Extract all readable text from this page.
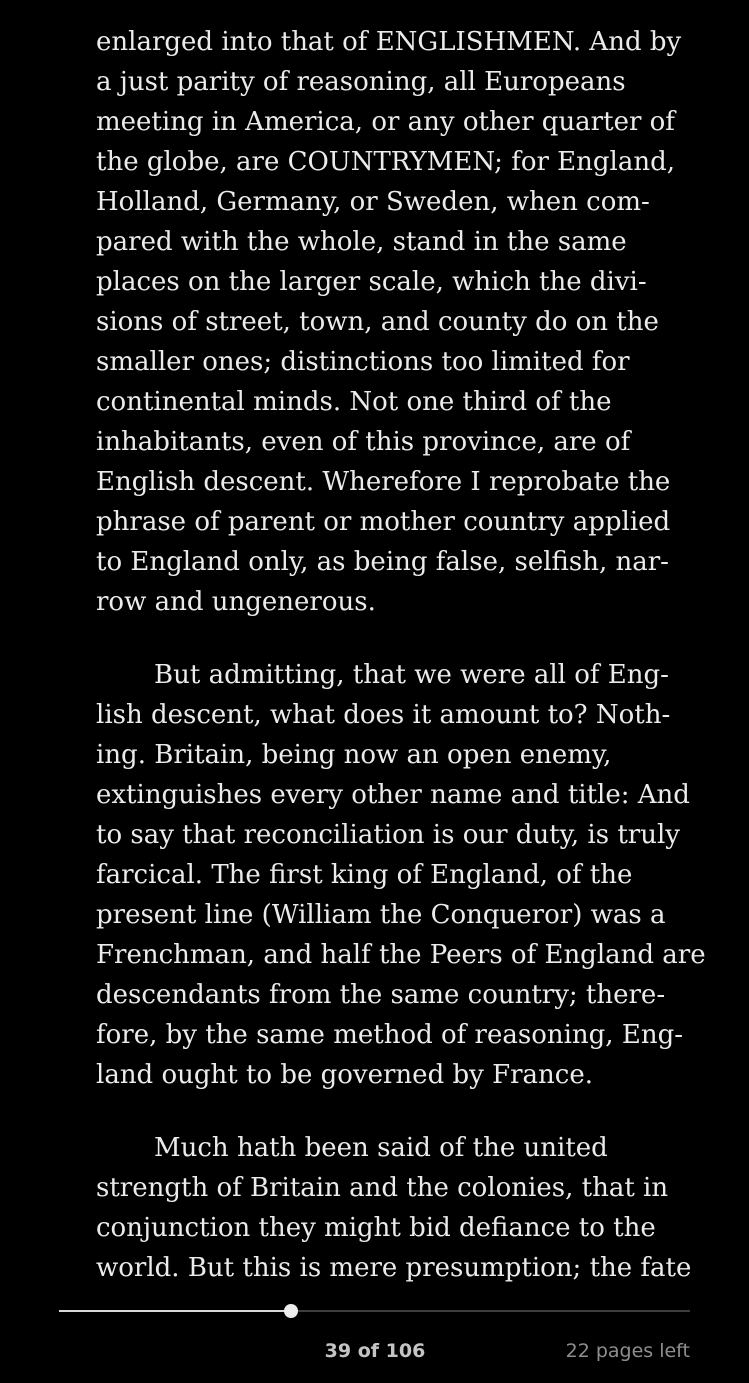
enlarged into that of ENGLISHMEN. And by
a just parity of reasoning, all Europeans
meeting in America, or any other quarter of
the globe, are COUNTRYMEN; for England,
Holland, Germany, or Sweden, when com-
pared with the whole, stand in the same
places on the larger scale, which the divi-
sions of street, town, and county do on the
smaller ones; distinctions too limited for
continental minds. Not one third of the
inhabitants, even of this province, are of
English descent. Wherefore I reprobate the
phrase of parent or mother country applied
to England only, as being false, selfish, nar-
row and ungenerous.
But admitting, that we were all of Eng-
lish descent, what does it amount to? Noth-
ing. Britain, being now an open enemy,
extinguishes every other name and title: And
to say that reconciliation is our duty, is truly
farcical. The first king of England, of the
present line (William the Conqueror) was a
Frenchman, and half the Peers of England are
descendants from the same country; there-
fore, by the same method of reasoning, Eng-
land ought to be governed by France.
Much hath been said of the united
strength of Britain and the colonies, that in
conjunction they might bid defiance to the
world. But this is mere presumption; the fate
39 of 106	22 pages left
